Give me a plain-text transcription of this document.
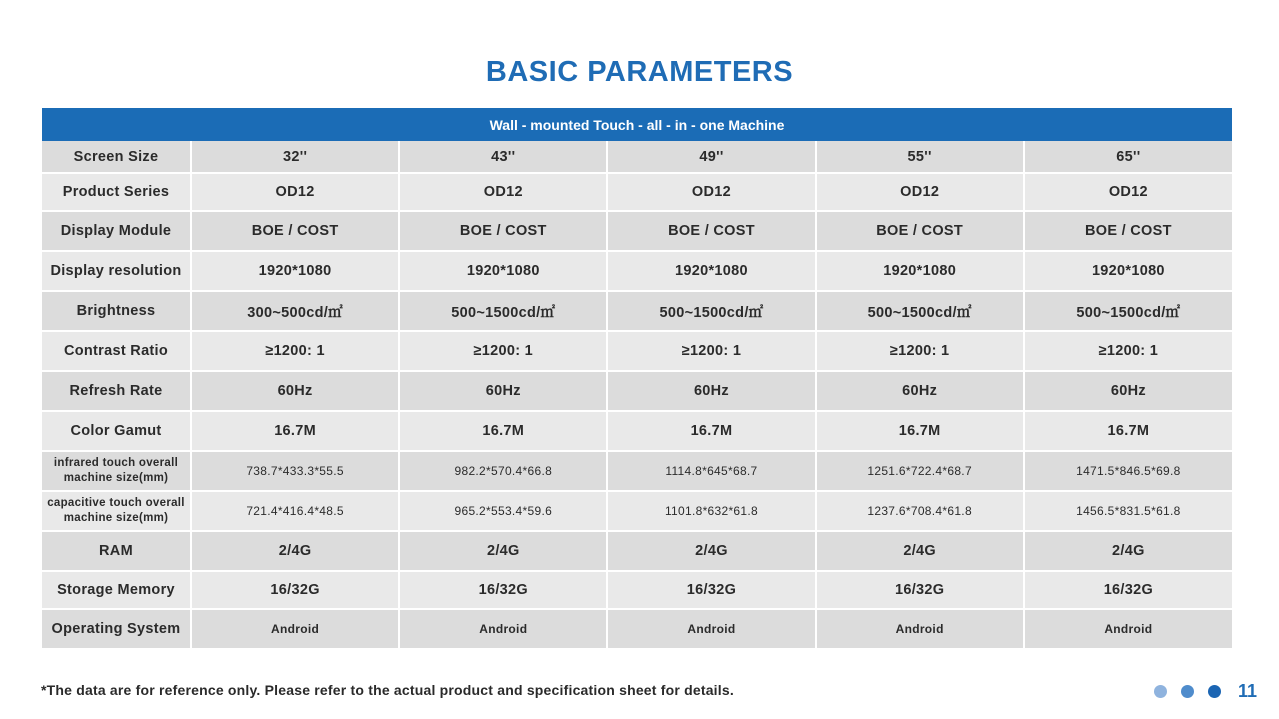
BASIC PARAMETERS
Wall - mounted Touch - all - in - one Machine					
Screen Size	32''	43''	49''	55''	65''
Product Series	OD12	OD12	OD12	OD12	OD12
Display Module	BOE / COST	BOE / COST	BOE / COST	BOE / COST	BOE / COST
Display resolution	1920*1080	1920*1080	1920*1080	1920*1080	1920*1080
Brightness	300~500cd/㎡	500~1500cd/㎡	500~1500cd/㎡	500~1500cd/㎡	500~1500cd/㎡
Contrast Ratio	≥1200: 1	≥1200: 1	≥1200: 1	≥1200: 1	≥1200: 1
Refresh Rate	60Hz	60Hz	60Hz	60Hz	60Hz
Color Gamut	16.7M	16.7M	16.7M	16.7M	16.7M
infrared touch overall machine size(mm)	738.7*433.3*55.5	982.2*570.4*66.8	1114.8*645*68.7	1251.6*722.4*68.7	1471.5*846.5*69.8
capacitive touch overall machine size(mm)	721.4*416.4*48.5	965.2*553.4*59.6	1101.8*632*61.8	1237.6*708.4*61.8	1456.5*831.5*61.8
RAM	2/4G	2/4G	2/4G	2/4G	2/4G
Storage Memory	16/32G	16/32G	16/32G	16/32G	16/32G
Operating System	Android	Android	Android	Android	Android
*The data are for reference only. Please refer to the actual product and specification sheet for details.	11
